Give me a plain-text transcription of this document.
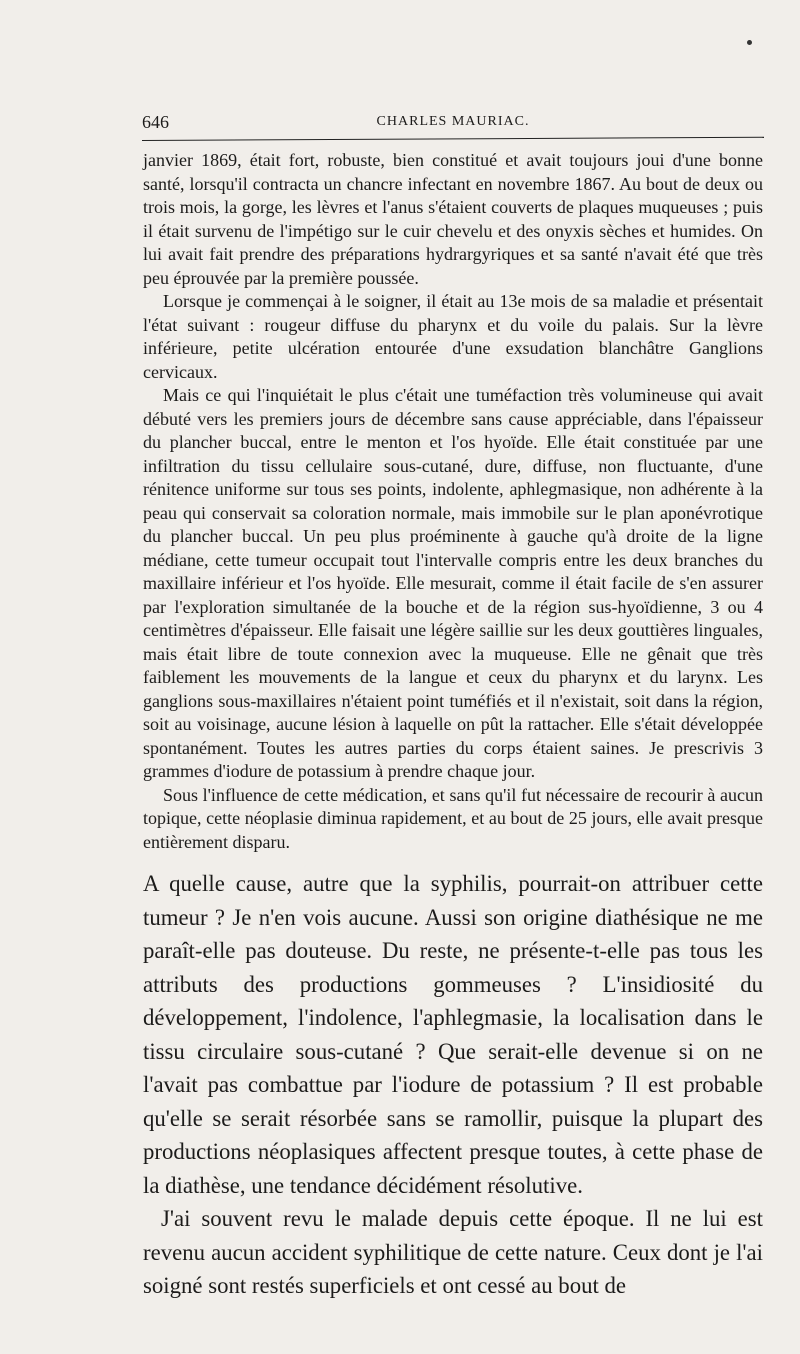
646	CHARLES MAURIAC.

janvier 1869, était fort, robuste, bien constitué et avait toujours joui d'une bonne santé, lorsqu'il contracta un chancre infectant en novembre 1867. Au bout de deux ou trois mois, la gorge, les lèvres et l'anus s'étaient couverts de plaques muqueuses ; puis il était survenu de l'impétigo sur le cuir chevelu et des onyxis sèches et humides. On lui avait fait prendre des préparations hydrargyriques et sa santé n'avait été que très peu éprouvée par la première poussée.

Lorsque je commençai à le soigner, il était au 13e mois de sa maladie et présentait l'état suivant : rougeur diffuse du pharynx et du voile du palais. Sur la lèvre inférieure, petite ulcération entourée d'une exsudation blanchâtre Ganglions cervicaux.

Mais ce qui l'inquiétait le plus c'était une tuméfaction très volumineuse qui avait débuté vers les premiers jours de décembre sans cause appréciable, dans l'épaisseur du plancher buccal, entre le menton et l'os hyoïde. Elle était constituée par une infiltration du tissu cellulaire sous-cutané, dure, diffuse, non fluctuante, d'une rénitence uniforme sur tous ses points, indolente, aphlegmasique, non adhérente à la peau qui conservait sa coloration normale, mais immobile sur le plan aponévrotique du plancher buccal. Un peu plus proéminente à gauche qu'à droite de la ligne médiane, cette tumeur occupait tout l'intervalle compris entre les deux branches du maxillaire inférieur et l'os hyoïde. Elle mesurait, comme il était facile de s'en assurer par l'exploration simultanée de la bouche et de la région sus-hyoïdienne, 3 ou 4 centimètres d'épaisseur. Elle faisait une légère saillie sur les deux gouttières linguales, mais était libre de toute connexion avec la muqueuse. Elle ne gênait que très faiblement les mouvements de la langue et ceux du pharynx et du larynx. Les ganglions sous-maxillaires n'étaient point tuméfiés et il n'existait, soit dans la région, soit au voisinage, aucune lésion à laquelle on pût la rattacher. Elle s'était développée spontanément. Toutes les autres parties du corps étaient saines. Je prescrivis 3 grammes d'iodure de potassium à prendre chaque jour.

Sous l'influence de cette médication, et sans qu'il fut nécessaire de recourir à aucun topique, cette néoplasie diminua rapidement, et au bout de 25 jours, elle avait presque entièrement disparu.

A quelle cause, autre que la syphilis, pourrait-on attribuer cette tumeur ? Je n'en vois aucune. Aussi son origine diathésique ne me paraît-elle pas douteuse. Du reste, ne présente-t-elle pas tous les attributs des productions gommeuses ? L'insidiosité du développement, l'indolence, l'aphlegmasie, la localisation dans le tissu circulaire sous-cutané ? Que serait-elle devenue si on ne l'avait pas combattue par l'iodure de potassium ? Il est probable qu'elle se serait résorbée sans se ramollir, puisque la plupart des productions néoplasiques affectent presque toutes, à cette phase de la diathèse, une tendance décidément résolutive.

J'ai souvent revu le malade depuis cette époque. Il ne lui est revenu aucun accident syphilitique de cette nature. Ceux dont je l'ai soigné sont restés superficiels et ont cessé au bout de
